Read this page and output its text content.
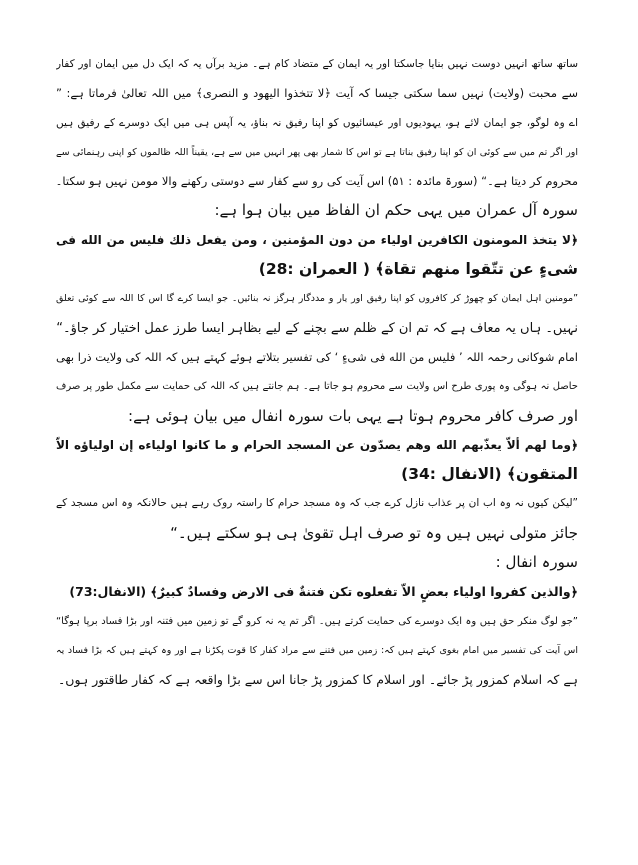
ساتھ ساتھ انہیں دوست نہیں بنایا جاسکتا اور یہ ایمان کے متضاد کام ہے۔ مزید برآں یہ کہ ایک دل میں ایمان اور کفار
سے محبت (ولایت) نہیں سما سکتی جیسا کہ آیت ﴿لا تتخذوا الیهود و النصری﴾ میں اللہ تعالیٰ فرماتا ہے: ”
اے وہ لوگو، جو ایمان لائے ہو، یہودیوں اور عیسائیوں کو اپنا رفیق نہ بناؤ، یہ آپس ہی میں ایک دوسرے کے رفیق ہیں
اور اگر تم میں سے کوئی ان کو اپنا رفیق بناتا ہے تو اس کا شمار بھی پھر انہیں میں سے ہے، یقیناً اللہ ظالموں کو اپنی رہنمائی سے
محروم کر دیتا ہے۔“ (سورۃ مائدہ : ۵۱) اس آیت کی رو سے کفار سے دوستی رکھنے والا مومن نہیں ہو سکتا۔
سورہ آل عمران میں یہی حکم ان الفاظ میں بیان ہوا ہے:
﴿لا يتخذ المومنون الكافرين اولياء من دون المؤمنين ، ومن يفعل ذلك فليس من الله فى
شىءٍ عن تتّقوا منهم تقاة﴾ ( العمران :28)
”مومنین اہل ایمان کو چھوڑ کر کافروں کو اپنا رفیق اور یار و مددگار ہرگز نہ بنائیں۔ جو ایسا کرے گا اس کا اللہ سے کوئی تعلق
نہیں۔ ہاں یہ معاف ہے کہ تم ان کے ظلم سے بچنے کے لیے بظاہر ایسا طرز عمل اختیار کر جاؤ۔“
امام شوکانی رحمہ اللہ ’ فليس من الله فى شىءٍ ‘ کی تفسیر بتلاتے ہوئے کہتے ہیں کہ اللہ کی ولایت ذرا بھی
حاصل نہ ہوگی وہ پوری طرح اس ولایت سے محروم ہو جاتا ہے۔ ہم جانتے ہیں کہ اللہ کی حمایت سے مکمل طور پر صرف
اور صرف کافر محروم ہوتا ہے یہی بات سورہ انفال میں بیان ہوئی ہے:
﴿وما لهم ألاّ يعذّبهم الله وهم يصدّون عن المسجد الحرام و ما كانوا اولياءه إن اولياؤه الاّ
المتقون﴾ (الانفال :34)
”لیکن کیوں نہ وہ اب ان پر عذاب نازل کرے جب کہ وہ مسجد حرام کا راستہ روک رہے ہیں حالانکہ وہ اس مسجد کے
جائز متولی نہیں ہیں وہ تو صرف اہل تقویٰ ہی ہو سکتے ہیں۔“
سورہ انفال :
﴿والذين كفروا اولياء بعضٍ الاّ تفعلوه تكن فتنةٌ فى الارض وفسادٌ كبيرٌ﴾ (الانفال:73)
”جو لوگ منکر حق ہیں وہ ایک دوسرے کی حمایت کرتے ہیں۔ اگر تم یہ نہ کرو گے تو زمین میں فتنہ اور بڑا فساد برپا ہوگا“
اس آیت کی تفسیر میں امام بغوی کہتے ہیں کہ: زمین میں فتنے سے مراد کفار کا قوت پکڑنا ہے اور وہ کہتے ہیں کہ بڑا فساد یہ
ہے کہ اسلام کمزور پڑ جائے۔ اور اسلام کا کمزور پڑ جانا اس سے بڑا واقعہ ہے کہ کفار طاقتور ہوں۔
